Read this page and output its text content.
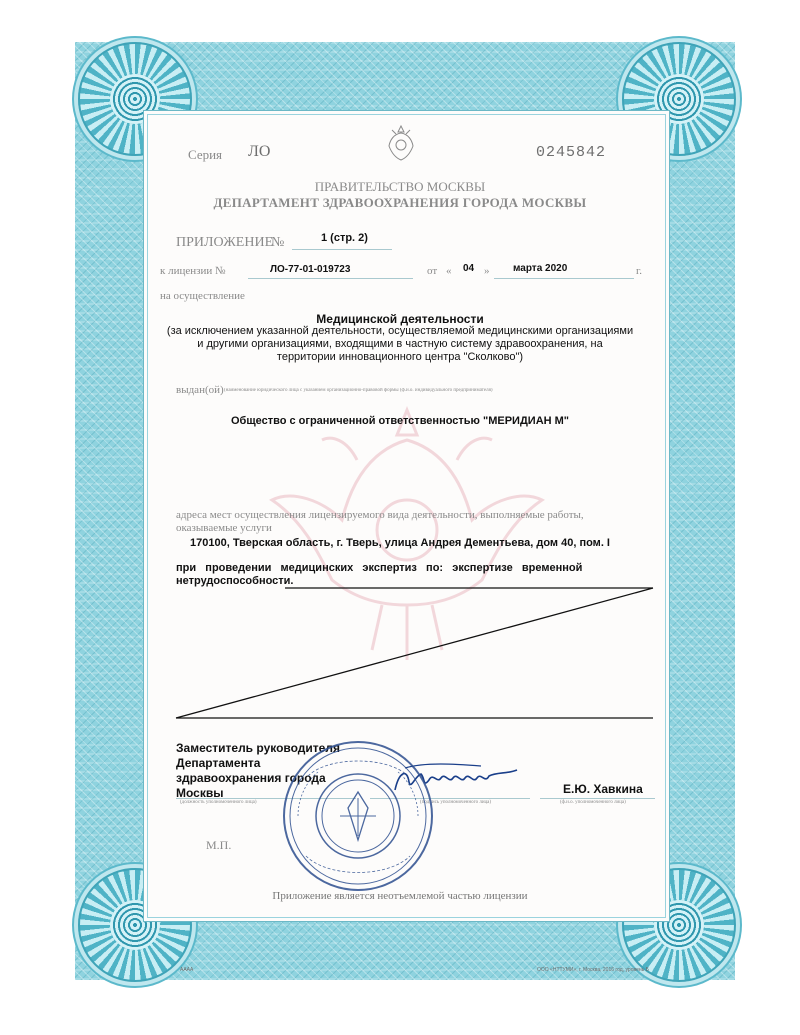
Серия ЛО	0245842
ПРАВИТЕЛЬСТВО МОСКВЫ
ДЕПАРТАМЕНТ ЗДРАВООХРАНЕНИЯ ГОРОДА МОСКВЫ
ПРИЛОЖЕНИЕ
№	1 (стр. 2)
к лицензии №	ЛО-77-01-019723	от « 04 » марта 2020	г.
на осуществление
Медицинской деятельности
(за исключением указанной деятельности, осуществляемой медицинскими организациями
и другими организациями, входящими в частную систему здравоохранения, на
территории инновационного центра "Сколково")
выдан(ой) (наименование юридического лица с указанием организационно-правовой формы (ф.и.о. индивидуального предпринимателя)
Общество с ограниченной ответственностью "МЕРИДИАН М"
адреса мест осуществления лицензируемого вида деятельности, выполняемые работы,
оказываемые услуги
170100, Тверская область, г. Тверь, улица Андрея Дементьева, дом 40, пом. I
при   проведении   медицинских   экспертиз   по:   экспертизе   временной
нетрудоспособности.
Заместитель руководителя
Департамента
здравоохранения города
Москвы	Е.Ю. Хавкина
(должность уполномоченного лица)	(подпись уполномоченного лица)	(ф.и.о. уполномоченного лица)
М.П.
Приложение является неотъемлемой частью лицензии
АААА	ООО «НТТУМИ», г. Москва, 2016 год, уровень Б
